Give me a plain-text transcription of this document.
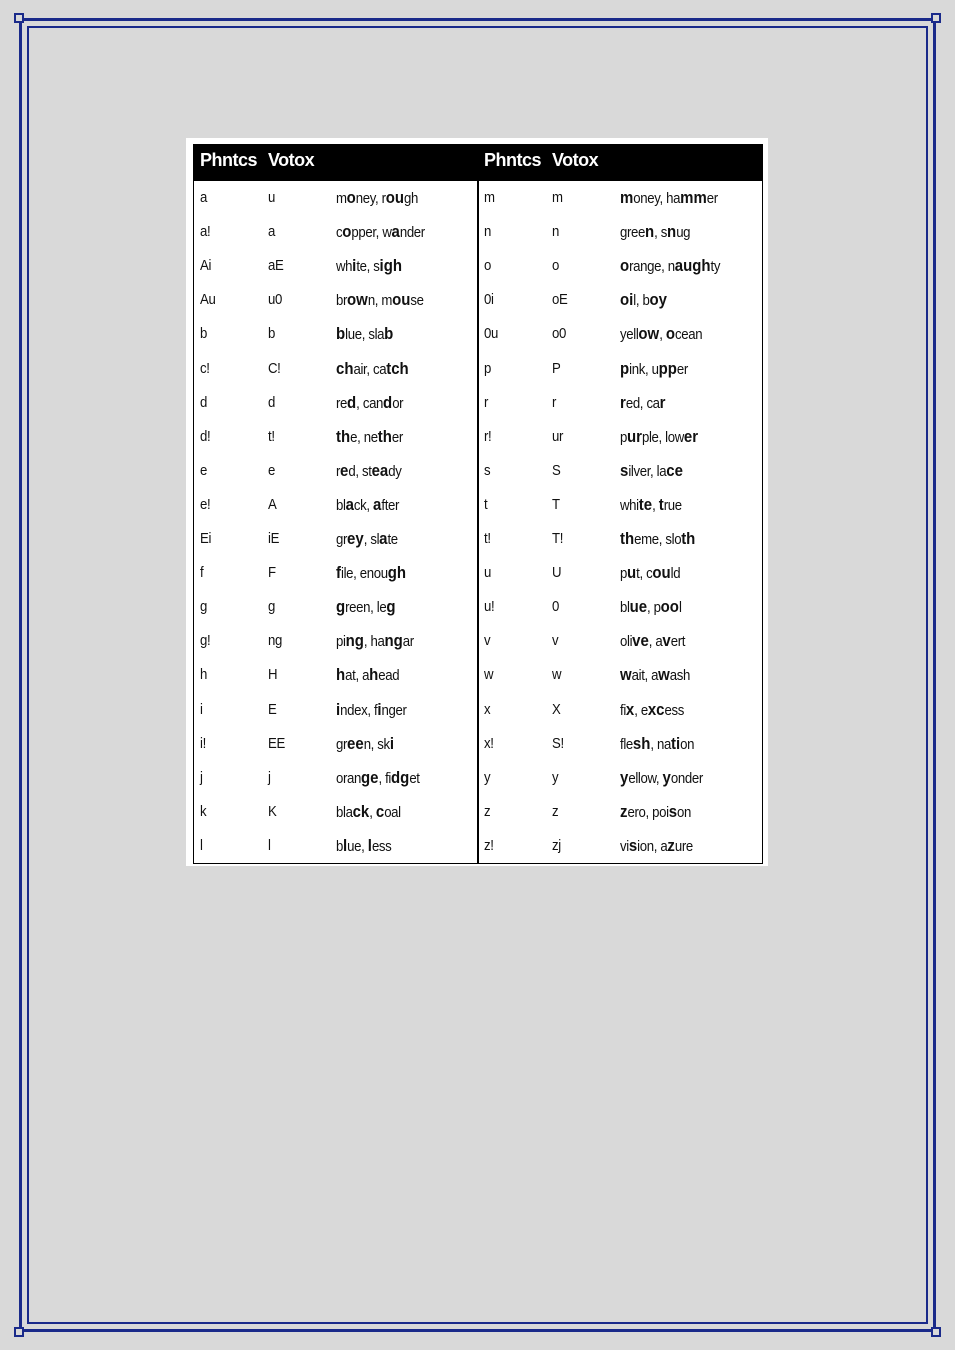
Phntcs Votox	Phntcs Votox
a	u	money, rough
a!	a	copper, wander
Ai	aE	white, sigh
Au	u0	brown, mouse
b	b	blue, slab
c!	C!	chair, catch
d	d	red, candor
d!	t!	the, nether
e	e	red, steady
e!	A	black, after
Ei	iE	grey, slate
f	F	file, enough
g	g	green, leg
g!	ng	ping, hangar
h	H	hat, ahead
i	E	index, finger
i!	EE	green, ski
j	j	orange, fidget
k	K	black, coal
l	l	blue, less
m	m	money, hammer
n	n	green, snug
o	o	orange, naughty
0i	oE	oil, boy
0u	o0	yellow, ocean
p	P	pink, upper
r	r	red, car
r!	ur	purple, lower
s	S	silver, lace
t	T	white, true
t!	T!	theme, sloth
u	U	put, could
u!	0	blue, pool
v	v	olive, avert
w	w	wait, awash
x	X	fix, excess
x!	S!	flesh, nation
y	y	yellow, yonder
z	z	zero, poison
z!	zj	vision, azure
